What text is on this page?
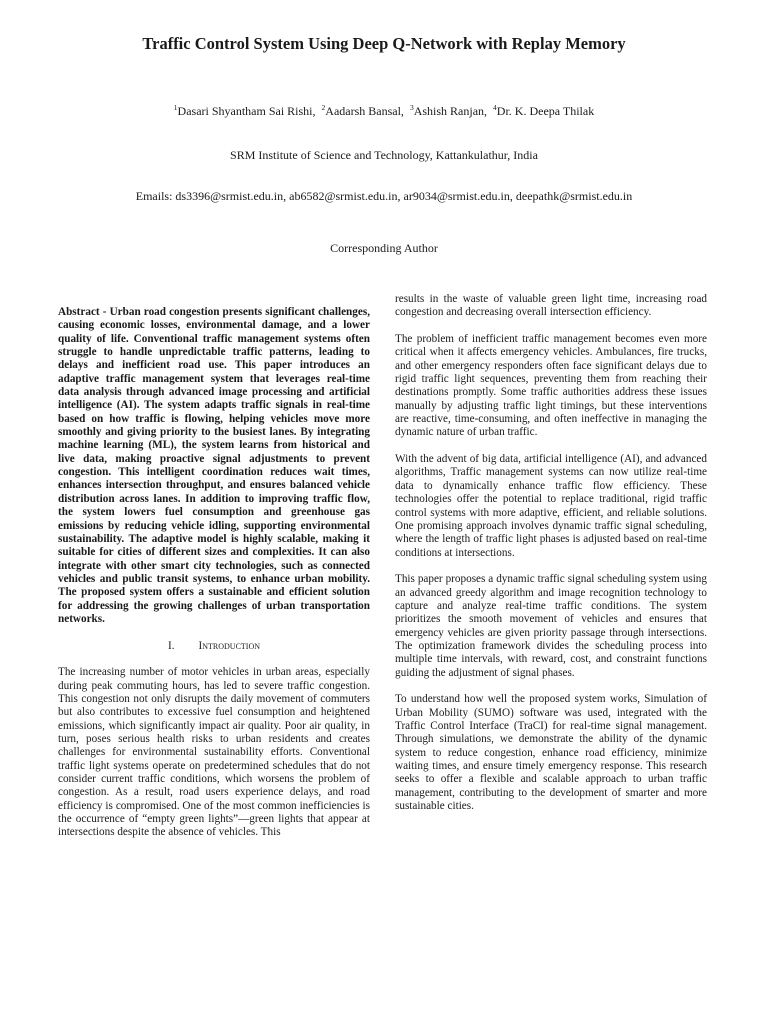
Traffic Control System Using Deep Q-Network with Replay Memory
$^1$Dasari Shyantham Sai Rishi, $^2$Aadarsh Bansal, $^3$Ashish Ranjan, $^4$Dr. K. Deepa Thilak
SRM Institute of Science and Technology, Kattankulathur, India
Emails: ds3396@srmist.edu.in, ab6582@srmist.edu.in, ar9034@srmist.edu.in, deepathk@srmist.edu.in
Corresponding Author

Abstract - Urban road congestion presents significant challenges, causing economic losses, environmental damage, and a lower quality of life. Conventional traffic management systems often struggle to handle unpredictable traffic patterns, leading to delays and inefficient road use. This paper introduces an adaptive traffic management system that leverages real-time data analysis through advanced image processing and artificial intelligence (AI). The system adapts traffic signals in real-time based on how traffic is flowing, helping vehicles move more smoothly and giving priority to the busiest lanes. By integrating machine learning (ML), the system learns from historical and live data, making proactive signal adjustments to prevent congestion. This intelligent coordination reduces wait times, enhances intersection throughput, and ensures balanced vehicle distribution across lanes. In addition to improving traffic flow, the system lowers fuel consumption and greenhouse gas emissions by reducing vehicle idling, supporting environmental sustainability. The adaptive model is highly scalable, making it suitable for cities of different sizes and complexities. It can also integrate with other smart city technologies, such as connected vehicles and public transit systems, to enhance urban mobility. The proposed system offers a sustainable and efficient solution for addressing the growing challenges of urban transportation networks.

I. Introduction

The increasing number of motor vehicles in urban areas, especially during peak commuting hours, has led to severe traffic congestion. This congestion not only disrupts the daily movement of commuters but also contributes to excessive fuel consumption and heightened emissions, which significantly impact air quality. Poor air quality, in turn, poses serious health risks to urban residents and creates challenges for environmental sustainability efforts. Conventional traffic light systems operate on predetermined schedules that do not consider current traffic conditions, which worsens the problem of congestion. As a result, road users experience delays, and road efficiency is compromised. One of the most common inefficiencies is the occurrence of “empty green lights”—green lights that appear at intersections despite the absence of vehicles. This

results in the waste of valuable green light time, increasing road congestion and decreasing overall intersection efficiency.

The problem of inefficient traffic management becomes even more critical when it affects emergency vehicles. Ambulances, fire trucks, and other emergency responders often face significant delays due to rigid traffic light sequences, preventing them from reaching their destinations promptly. Some traffic authorities address these issues manually by adjusting traffic light timings, but these interventions are reactive, time-consuming, and often ineffective in managing the dynamic nature of urban traffic.

With the advent of big data, artificial intelligence (AI), and advanced algorithms, Traffic management systems can now utilize real-time data to dynamically enhance traffic flow efficiency. These technologies offer the potential to replace traditional, rigid traffic control systems with more adaptive, efficient, and reliable solutions. One promising approach involves dynamic traffic signal scheduling, where the length of traffic light phases is adjusted based on real-time conditions at intersections.

This paper proposes a dynamic traffic signal scheduling system using an advanced greedy algorithm and image recognition technology to capture and analyze real-time traffic conditions. The system prioritizes the smooth movement of vehicles and ensures that emergency vehicles are given priority passage through intersections. The optimization framework divides the scheduling process into multiple time intervals, with reward, cost, and constraint functions guiding the adjustment of signal phases.

To understand how well the proposed system works, Simulation of Urban Mobility (SUMO) software was used, integrated with the Traffic Control Interface (TraCI) for real-time signal management. Through simulations, we demonstrate the ability of the dynamic system to reduce congestion, enhance road efficiency, minimize waiting times, and ensure timely emergency response. This research seeks to offer a flexible and scalable approach to urban traffic management, contributing to the development of smarter and more sustainable cities.
